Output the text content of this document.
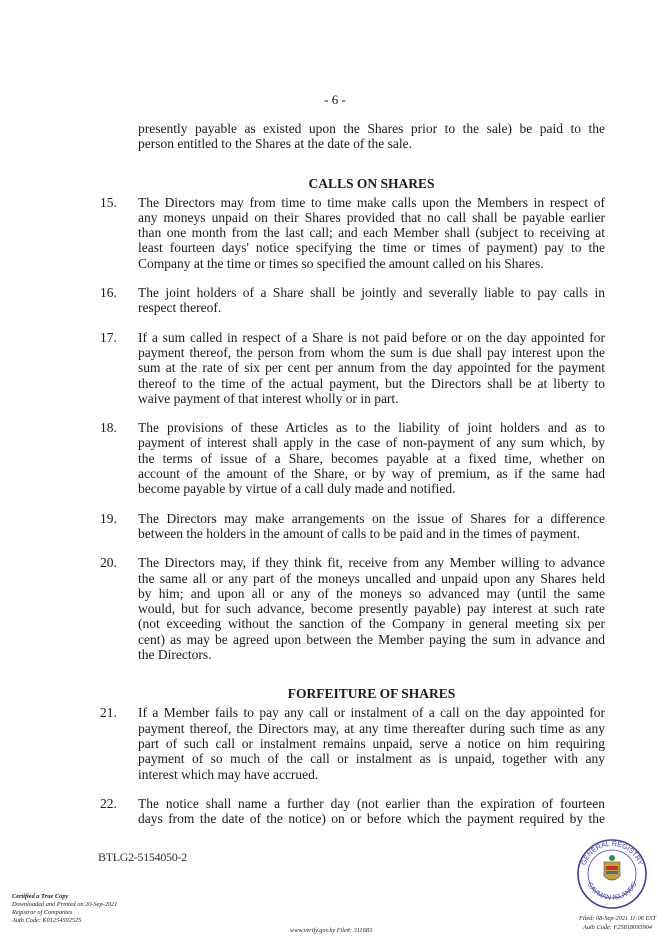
- 6 -
presently payable as existed upon the Shares prior to the sale) be paid to the
person entitled to the Shares at the date of the sale.
CALLS ON SHARES
15. The Directors may from time to time make calls upon the Members in respect of
any moneys unpaid on their Shares provided that no call shall be payable earlier
than one month from the last call; and each Member shall (subject to receiving at
least fourteen days' notice specifying the time or times of payment) pay to the
Company at the time or times so specified the amount called on his Shares.
16. The joint holders of a Share shall be jointly and severally liable to pay calls in
respect thereof.
17. If a sum called in respect of a Share is not paid before or on the day appointed for
payment thereof, the person from whom the sum is due shall pay interest upon the
sum at the rate of six per cent per annum from the day appointed for the payment
thereof to the time of the actual payment, but the Directors shall be at liberty to
waive payment of that interest wholly or in part.
18. The provisions of these Articles as to the liability of joint holders and as to
payment of interest shall apply in the case of non-payment of any sum which, by
the terms of issue of a Share, becomes payable at a fixed time, whether on
account of the amount of the Share, or by way of premium, as if the same had
become payable by virtue of a call duly made and notified.
19. The Directors may make arrangements on the issue of Shares for a difference
between the holders in the amount of calls to be paid and in the times of payment.
20. The Directors may, if they think fit, receive from any Member willing to advance
the same all or any part of the moneys uncalled and unpaid upon any Shares held
by him; and upon all or any of the moneys so advanced may (until the same
would, but for such advance, become presently payable) pay interest at such rate
(not exceeding without the sanction of the Company in general meeting six per
cent) as may be agreed upon between the Member paying the sum in advance and
the Directors.
FORFEITURE OF SHARES
21. If a Member fails to pay any call or instalment of a call on the day appointed for
payment thereof, the Directors may, at any time thereafter during such time as any
part of such call or instalment remains unpaid, serve a notice on him requiring
payment of so much of the call or instalment as is unpaid, together with any
interest which may have accrued.
22. The notice shall name a further day (not earlier than the expiration of fourteen
days from the date of the notice) on or before which the payment required by the
BTLG2-5154050-2
Certified a True Copy
Downloaded and Printed on 20-Sep-2021
Registrar of Companies
Auth Code: K01254592525
www.verify.gov.ky File#: 311683
GENERAL REGISTRY
CAYMAN ISLANDS
Filed: 08-Sep-2021 11:06 EST
Auth Code: F25818093904
